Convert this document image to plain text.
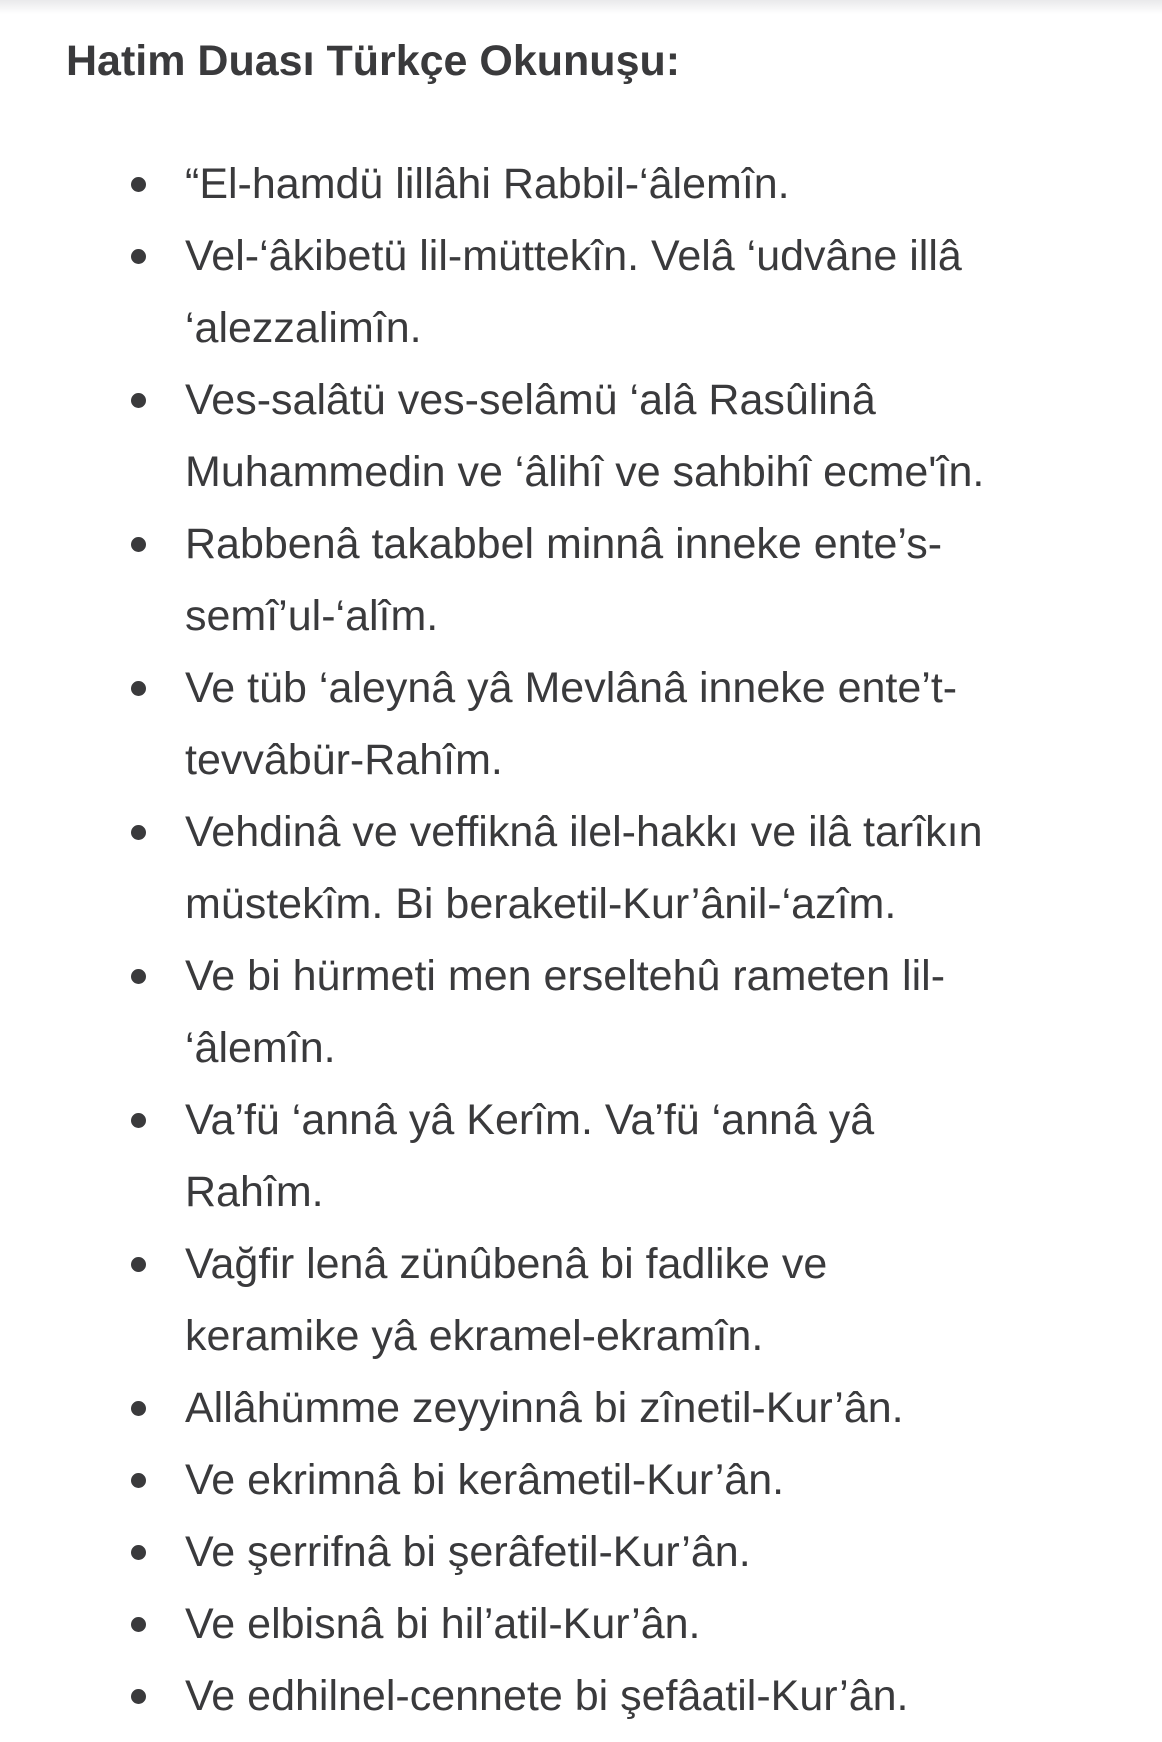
Hatim Duası Türkçe Okunuşu:
“El-hamdü lillâhi Rabbil-‘âlemîn.
Vel-‘âkibetü lil-müttekîn. Velâ ‘udvâne illâ
‘alezzalimîn.
Ves-salâtü ves-selâmü ‘alâ Rasûlinâ
Muhammedin ve ‘âlihî ve sahbihî ecme'în.
Rabbenâ takabbel minnâ inneke ente’s-
semî’ul-‘alîm.
Ve tüb ‘aleynâ yâ Mevlânâ inneke ente’t-
tevvâbür-Rahîm.
Vehdinâ ve veffiknâ ilel-hakkı ve ilâ tarîkın
müstekîm. Bi beraketil-Kur’ânil-‘azîm.
Ve bi hürmeti men erseltehû rameten lil-
‘âlemîn.
Va’fü ‘annâ yâ Kerîm. Va’fü ‘annâ yâ
Rahîm.
Vağfir lenâ zünûbenâ bi fadlike ve
keramike yâ ekramel-ekramîn.
Allâhümme zeyyinnâ bi zînetil-Kur’ân.
Ve ekrimnâ bi kerâmetil-Kur’ân.
Ve şerrifnâ bi şerâfetil-Kur’ân.
Ve elbisnâ bi hil’atil-Kur’ân.
Ve edhilnel-cennete bi şefâatil-Kur’ân.
